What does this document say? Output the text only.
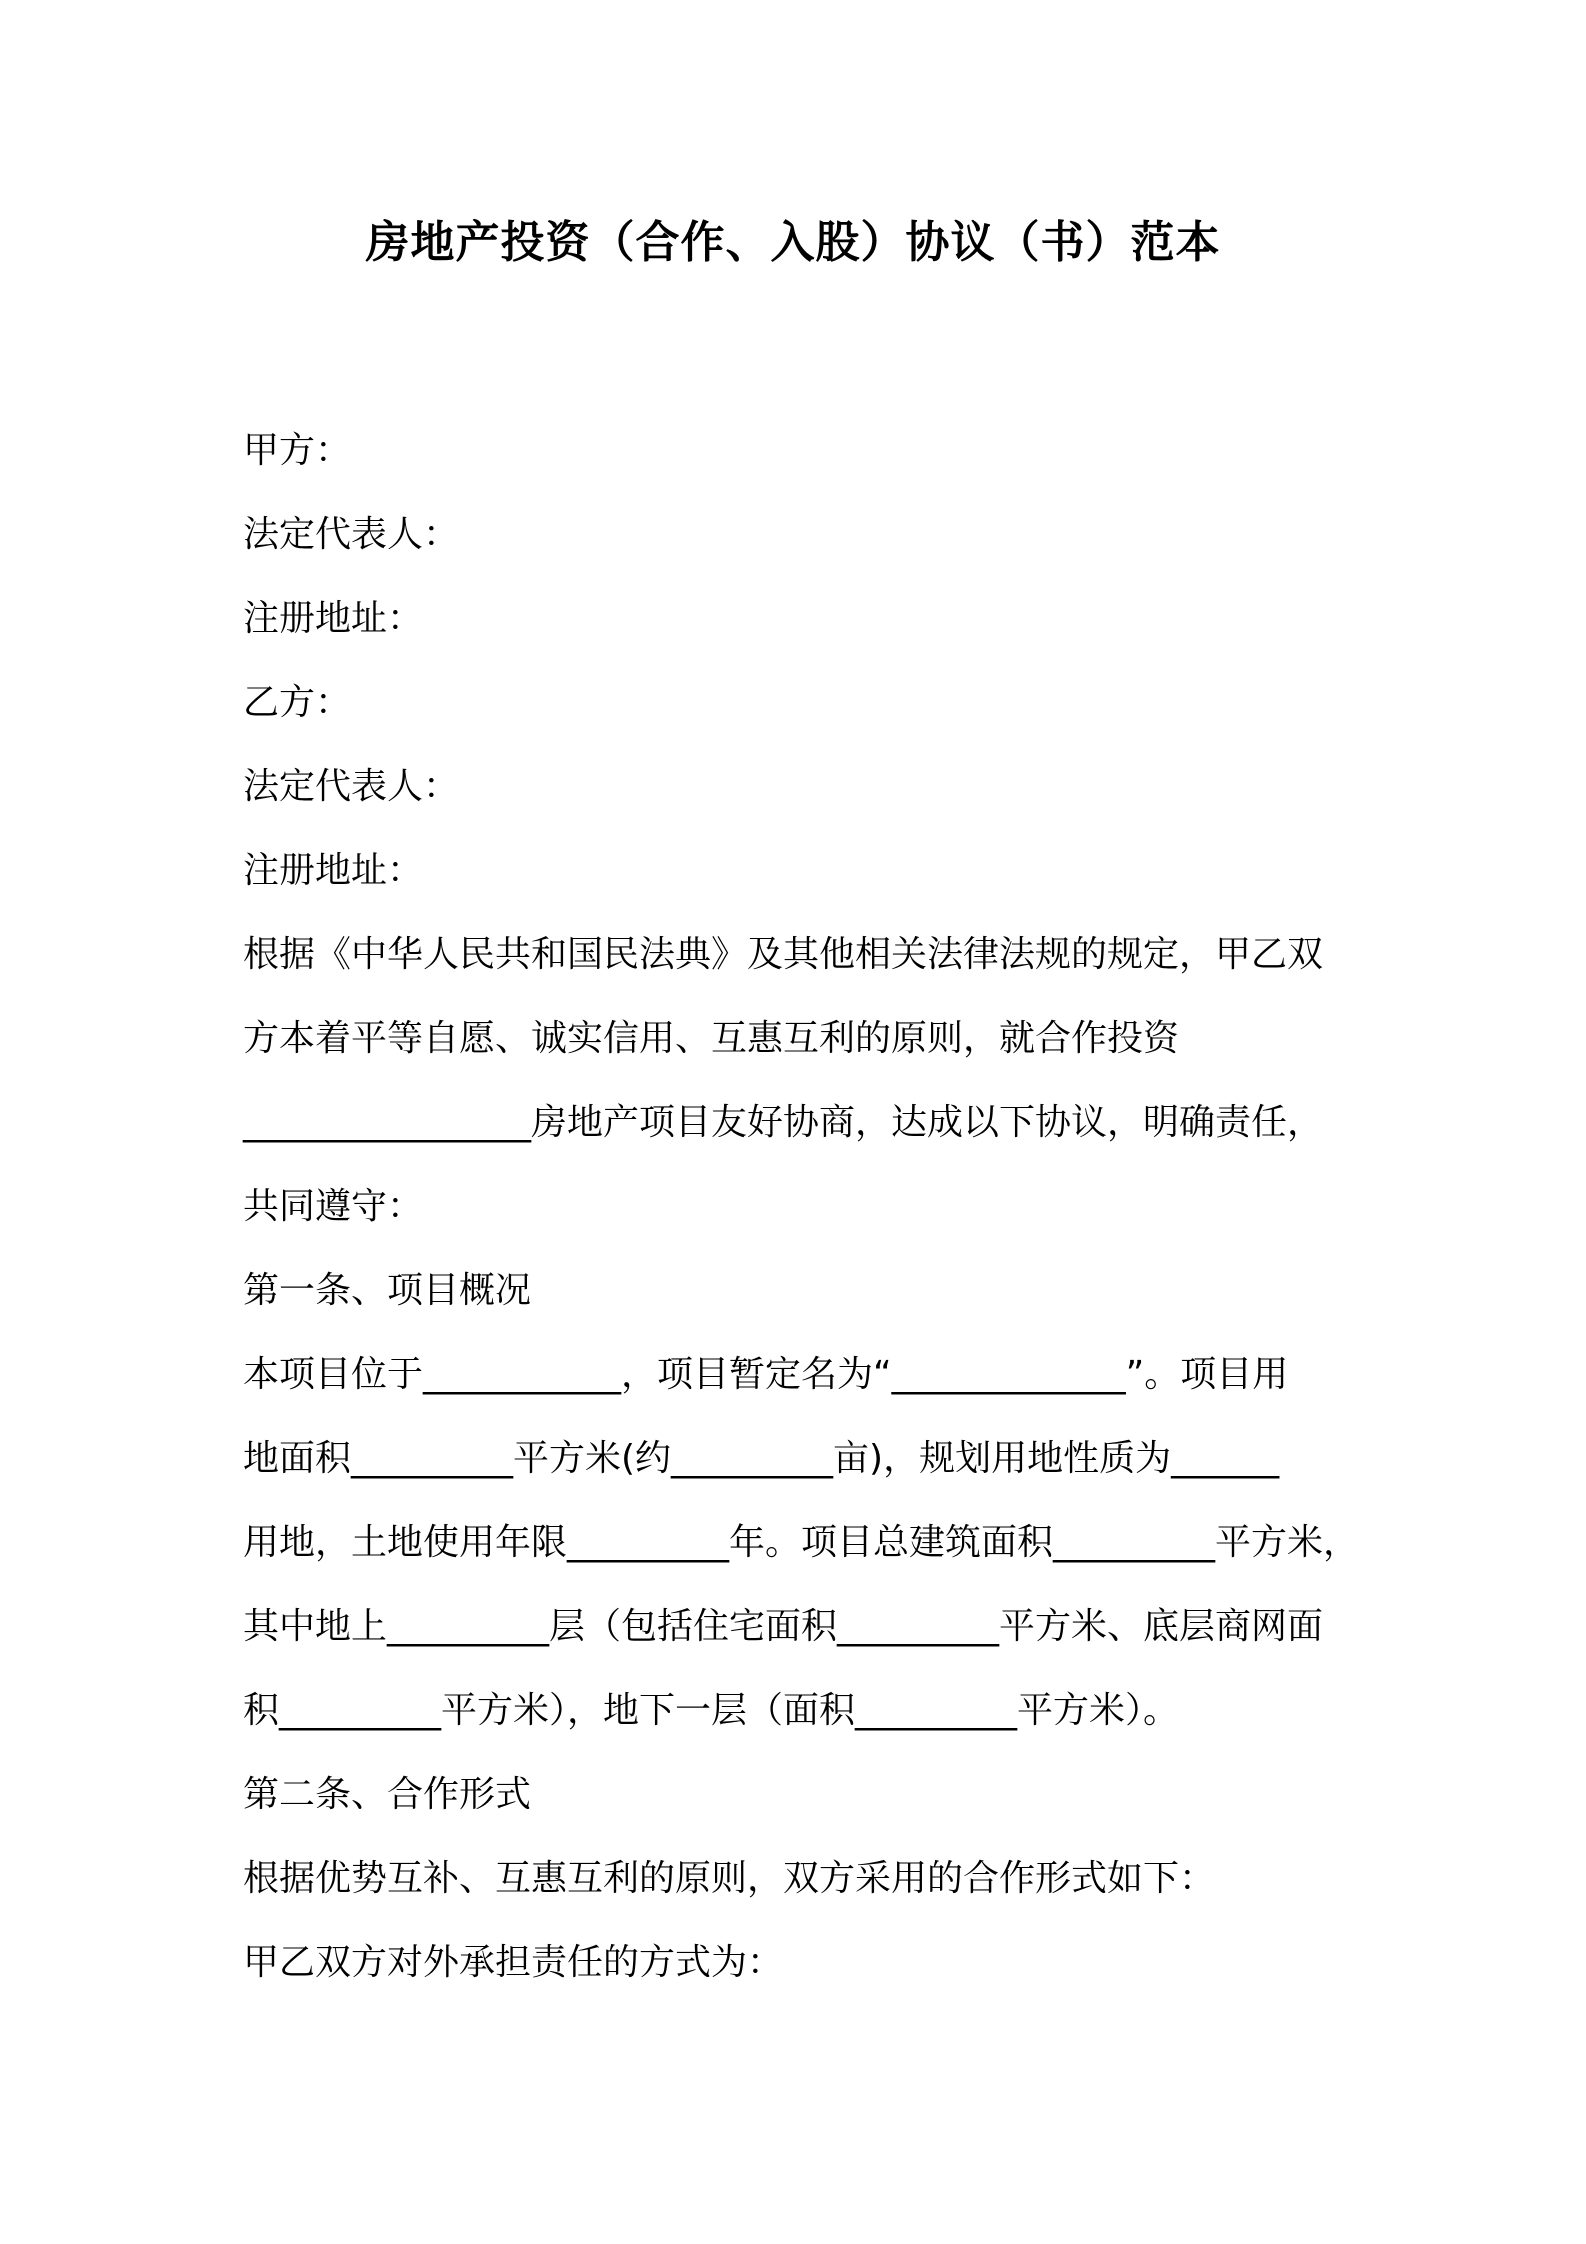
房地产投资（合作、入股）协议（书）范本
甲方：
法定代表人：
注册地址：
乙方：
法定代表人：
注册地址：
根据《中华人民共和国民法典》及其他相关法律法规的规定，甲乙双
方本着平等自愿、诚实信用、互惠互利的原则，就合作投资
________________房地产项目友好协商，达成以下协议，明确责任，
共同遵守：
第一条、项目概况
本项目位于___________，项目暂定名为“_____________”。项目用
地面积_________平方米(约_________亩)，规划用地性质为______
用地，土地使用年限_________年。项目总建筑面积_________平方米，
其中地上_________层（包括住宅面积_________平方米、底层商网面
积_________平方米），地下一层（面积_________平方米）。
第二条、合作形式
根据优势互补、互惠互利的原则，双方采用的合作形式如下：
甲乙双方对外承担责任的方式为：
